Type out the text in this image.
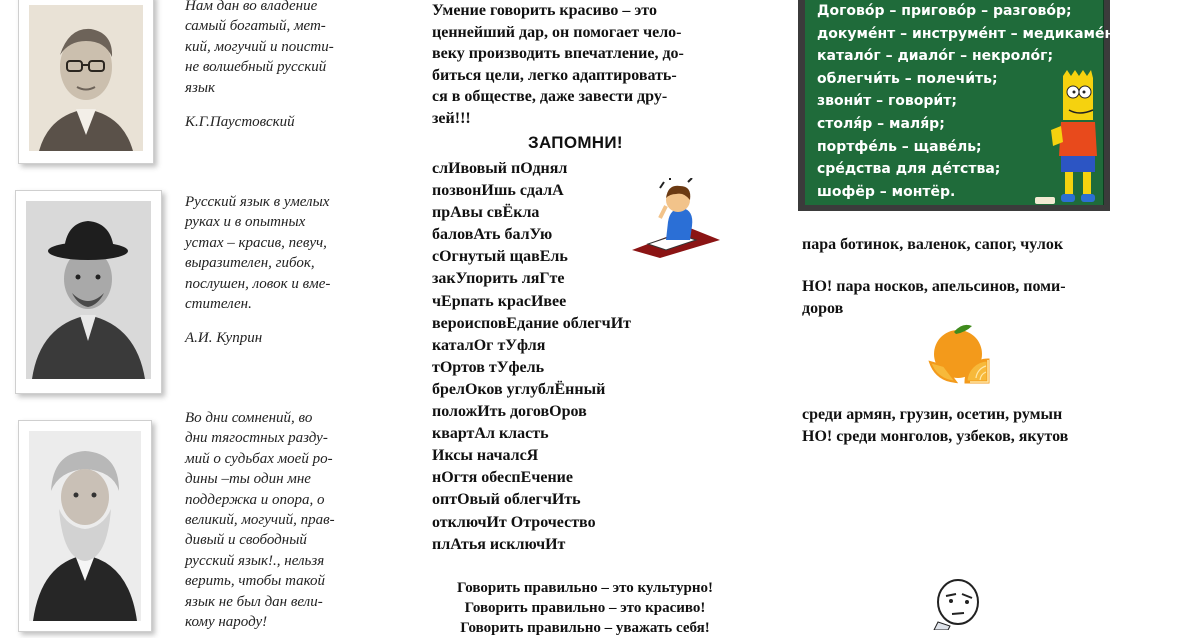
Нам дан во владение
самый богатый, мет-
кий, могучий и поисти-
не волшебный русский
язык
К.Г.Паустовский
Русский язык в умелых
руках и в опытных
устах – красив, певуч,
выразителен, гибок,
послушен, ловок и вме-
стителен.
А.И. Куприн
Во дни сомнений, во
дни тягостных разду-
мий о судьбах моей ро-
дины –ты один мне
поддержка и опора, о
великий, могучий, прав-
дивый и свободный
русский язык!., нельзя
верить, чтобы такой
язык не был дан вели-
кому народу!
Умение говорить красиво – это
ценнейший дар, он помогает чело-
веку производить впечатление, до-
биться цели, легко адаптировать-
ся в обществе, даже завести дру-
зей!!!
ЗАПОМНИ!
слИвовый пОднял
позвонИшь сдалА
прАвы свЁкла
баловАть балУю
сОгнутый щавЕль
закУпорить ляГте
чЕрпать красИвее
вероисповЕдание облегчИт
каталОг тУфля
тОртов тУфель
брелОков углублЁнный
положИть договОров
квартАл класть
Иксы началсЯ
нОгтя обеспЕчение
оптОвый облегчИть
отключИт Отрочество
плАтья исключИт
Говорить правильно – это культурно!
Говорить правильно – это красиво!
Говорить правильно – уважать себя!
Договóр – приговóр – разговóр;
докумéнт – инструмéнт – медикамéнт;
каталóг – диалóг – некролóг;
облегчи́ть – полечи́ть;
звони́т – говори́т;
столя́р – маля́р;
портфéль – щавéль;
срéдства для дéтства;
шофёр – монтёр.
пара ботинок, валенок, сапог, чулок
НО! пара носков, апельсинов, поми-
доров
среди армян, грузин, осетин, румын
НО! среди монголов, узбеков, якутов
